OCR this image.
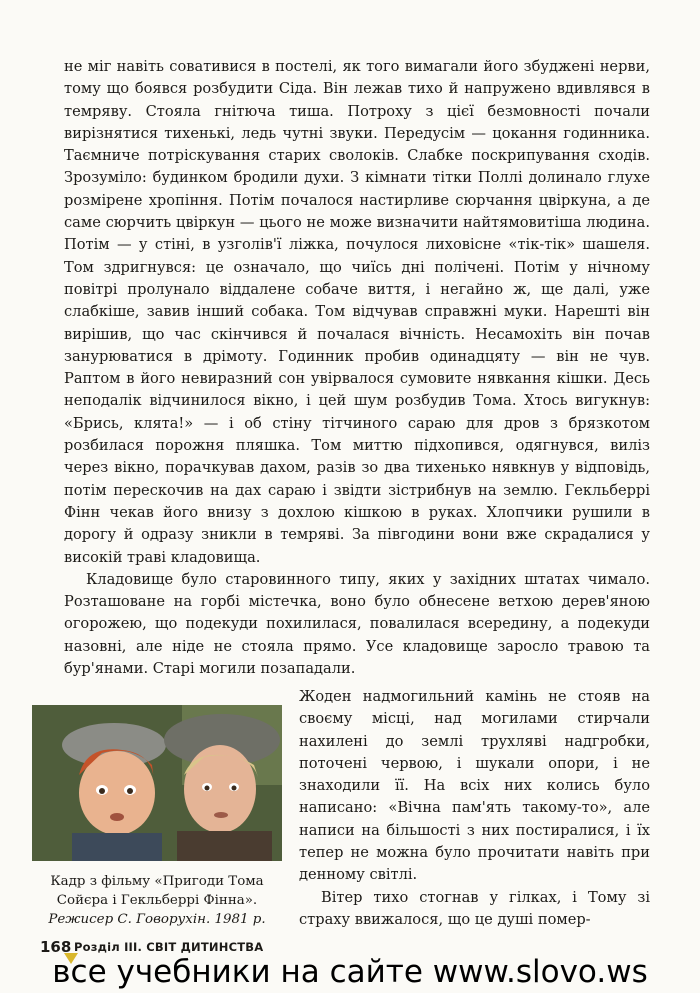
не міг навіть совативися в постелі, як того вимагали його збуджені нерви, тому що боявся розбудити Сіда. Він лежав тихо й напружено вдивлявся в темряву. Стояла гнітюча тиша. Потроху з цієї безмовності почали вирізнятися тихенькі, ледь чутні звуки. Передусім — цокання годинника. Таємниче потріскування старих сволоків. Слабке поскрипування сходів. Зрозуміло: будинком бродили духи. З кімнати тітки Поллі долинало глухе розмірене хропіння. Потім почалося настирливе сюрчання цвіркуна, а де саме сюрчить цвіркун — цього не може визначити найтямовитіша людина. Потім — у стіні, в узголів'ї ліжка, почулося лиховісне «тік-тік» шашеля. Том здригнувся: це означало, що чиїсь дні полічені. Потім у нічному повітрі пролунало віддалене собаче виття, і негайно ж, ще далі, уже слабкіше, завив інший собака. Том відчував справжні муки. Нарешті він вирішив, що час скінчився й почалася вічність. Несамохіть він почав занурюватися в дрімоту. Годинник пробив одинадцяту — він не чув. Раптом в його невиразний сон увірвалося сумовите нявкання кішки. Десь неподалік відчинилося вікно, і цей шум розбудив Тома. Хтось вигукнув: «Брись, клята!» — і об стіну тітчиного сараю для дров з брязкотом розбилася порожня пляшка. Том миттю підхопився, одягнувся, виліз через вікно, порачкував дахом, разів зо два тихенько нявкнув у відповідь, потім перескочив на дах сараю і звідти зістрибнув на землю. Гекльберрі Фінн чекав його внизу з дохлою кішкою в руках. Хлопчики рушили в дорогу й одразу зникли в темряві. За півгодини вони вже скрадалися у високій траві кладовища.

Кладовище було старовинного типу, яких у західних штатах чимало. Розташоване на горбі містечка, воно було обнесене ветхою дерев'яною огорожею, що подекуди похилилася, повалилася всередину, а подекуди назовні, але ніде не стояла прямо. Усе кладовище заросло травою та бур'янами. Старі могили позападали.

Кадр з фільму «Пригоди Тома Сойєра і Гекльберрі Фінна».
Режисер С. Говорухін. 1981 р.

Жоден надмогильний камінь не стояв на своєму місці, над могилами стирчали нахилені до землі трухляві надгробки, поточені червою, і шукали опори, і не знаходили її. На всіх них колись було написано: «Вічна пам'ять такому-то», але написи на більшості з них постиралися, і їх тепер не можна було прочитати навіть при денному світлі.

Вітер тихо стогнав у гілках, і Тому зі страху ввижалося, що це душі помер-

168 Розділ III. СВІТ ДИТИНСТВА
все учебники на сайте www.slovo.ws
